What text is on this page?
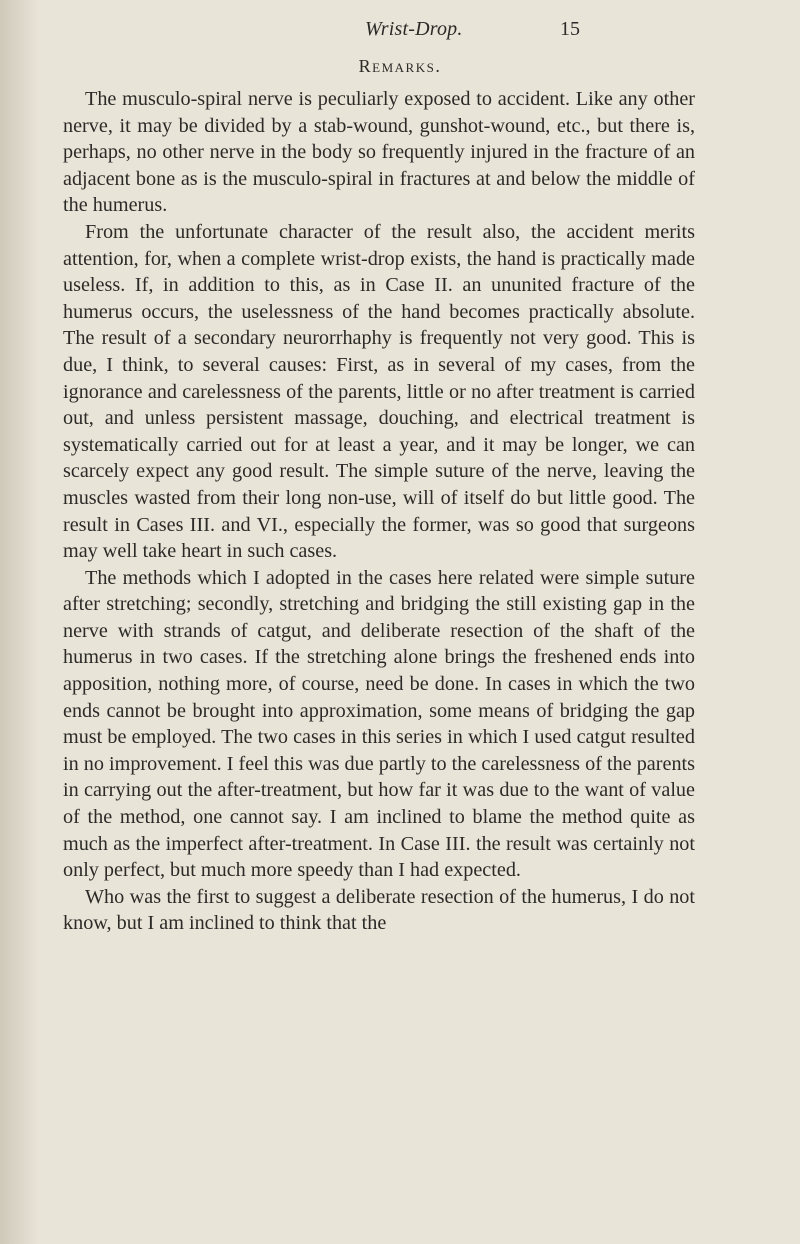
Wrist-Drop.	15
Remarks.

The musculo-spiral nerve is peculiarly exposed to accident. Like any other nerve, it may be divided by a stab-wound, gunshot-wound, etc., but there is, perhaps, no other nerve in the body so frequently injured in the fracture of an adjacent bone as is the musculo-spiral in fractures at and below the middle of the humerus.

From the unfortunate character of the result also, the accident merits attention, for, when a complete wrist-drop exists, the hand is practically made useless. If, in addition to this, as in Case II. an ununited fracture of the humerus occurs, the uselessness of the hand becomes practically absolute. The result of a secondary neurorrhaphy is frequently not very good. This is due, I think, to several causes: First, as in several of my cases, from the ignorance and carelessness of the parents, little or no after treatment is carried out, and unless persistent massage, douching, and electrical treatment is systematically carried out for at least a year, and it may be longer, we can scarcely expect any good result. The simple suture of the nerve, leaving the muscles wasted from their long non-use, will of itself do but little good. The result in Cases III. and VI., especially the former, was so good that surgeons may well take heart in such cases.

The methods which I adopted in the cases here related were simple suture after stretching; secondly, stretching and bridging the still existing gap in the nerve with strands of catgut, and deliberate resection of the shaft of the humerus in two cases. If the stretching alone brings the freshened ends into apposition, nothing more, of course, need be done. In cases in which the two ends cannot be brought into approximation, some means of bridging the gap must be employed. The two cases in this series in which I used catgut resulted in no improvement. I feel this was due partly to the carelessness of the parents in carrying out the after-treatment, but how far it was due to the want of value of the method, one cannot say. I am inclined to blame the method quite as much as the imperfect after-treatment. In Case III. the result was certainly not only perfect, but much more speedy than I had expected.

Who was the first to suggest a deliberate resection of the humerus, I do not know, but I am inclined to think that the
